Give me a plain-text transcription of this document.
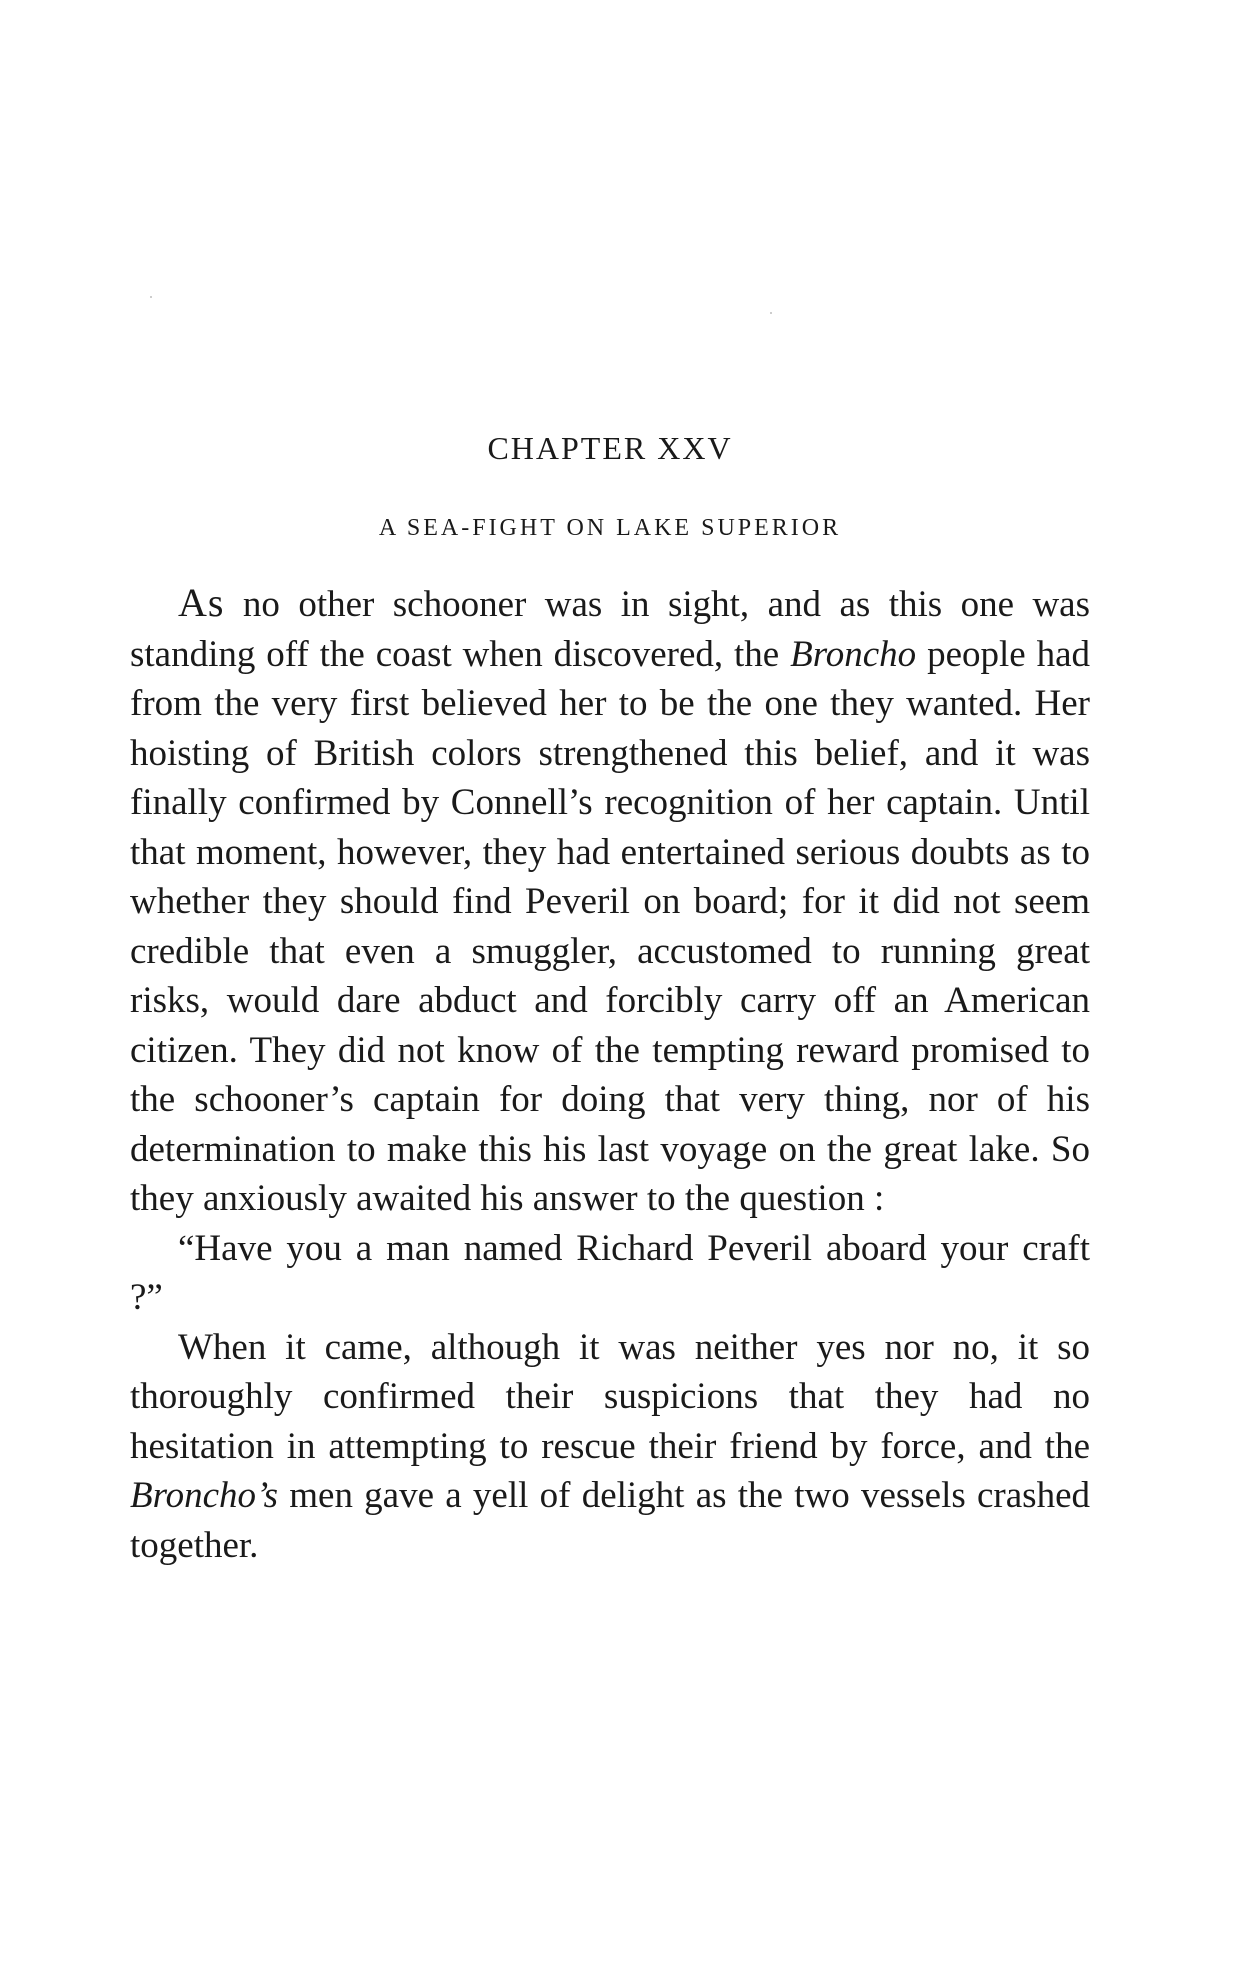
CHAPTER XXV
A SEA-FIGHT ON LAKE SUPERIOR

As no other schooner was in sight, and as this one was standing off the coast when discovered, the Broncho people had from the very first believed her to be the one they wanted. Her hoisting of British colors strengthened this belief, and it was finally confirmed by Connell’s recognition of her captain. Until that moment, however, they had entertained serious doubts as to whether they should find Peveril on board; for it did not seem credible that even a smuggler, accustomed to running great risks, would dare abduct and forcibly carry off an American citizen. They did not know of the tempting reward promised to the schooner’s captain for doing that very thing, nor of his determination to make this his last voyage on the great lake. So they anxiously awaited his answer to the question :

“Have you a man named Richard Peveril aboard your craft ?”

When it came, although it was neither yes nor no, it so thoroughly confirmed their suspicions that they had no hesitation in attempting to rescue their friend by force, and the Broncho’s men gave a yell of delight as the two vessels crashed together.
